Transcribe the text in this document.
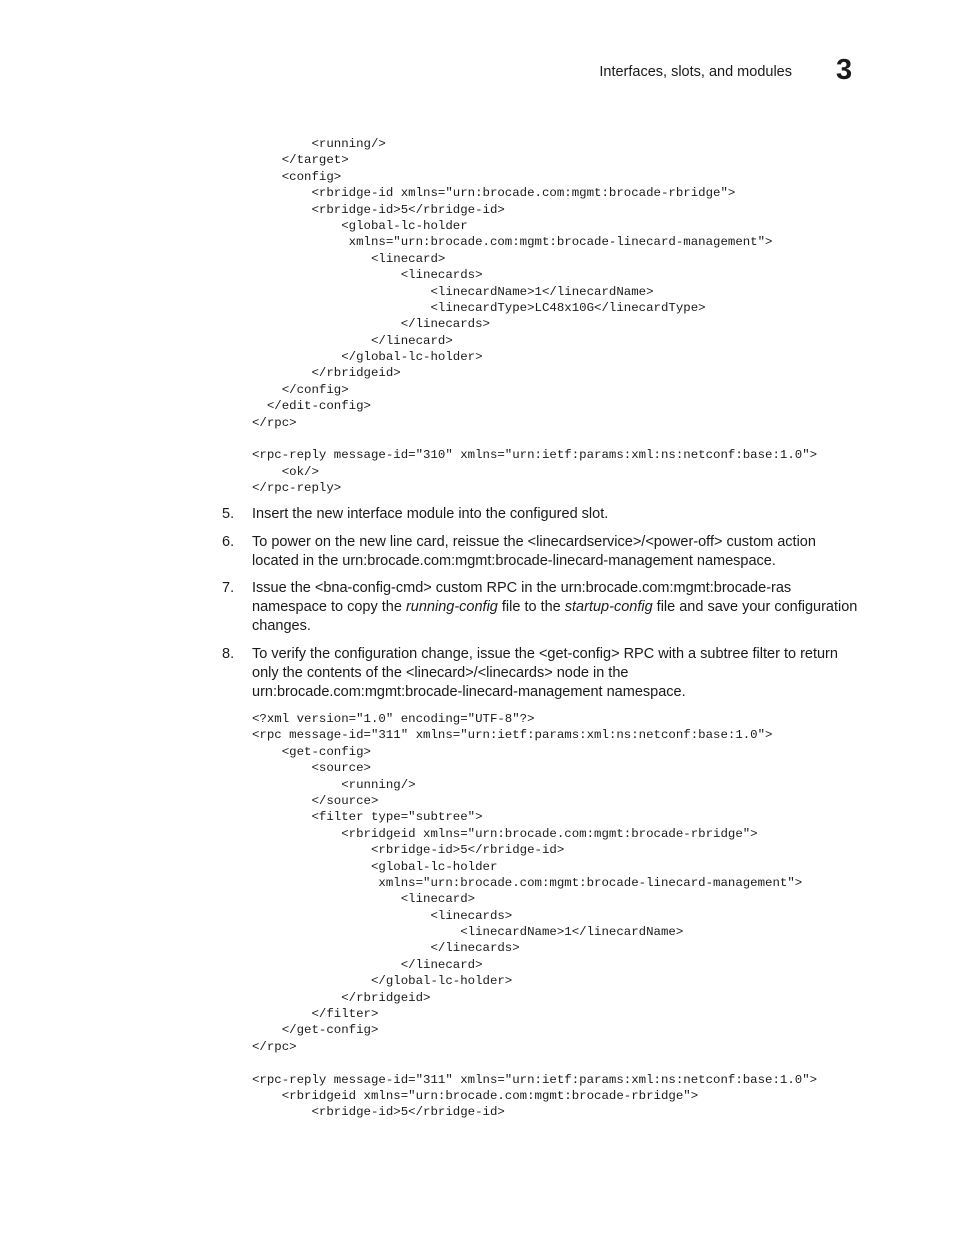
Interfaces, slots, and modules 3
<running/>
</target>
<config>
<rbridge-id xmlns="urn:brocade.com:mgmt:brocade-rbridge">
<rbridge-id>5</rbridge-id>
<global-lc-holder
xmlns="urn:brocade.com:mgmt:brocade-linecard-management">
<linecard>
<linecards>
<linecardName>1</linecardName>
<linecardType>LC48x10G</linecardType>
</linecards>
</linecard>
</global-lc-holder>
</rbridgeid>
</config>
</edit-config>
</rpc>
<rpc-reply message-id="310" xmlns="urn:ietf:params:xml:ns:netconf:base:1.0">
<ok/>
</rpc-reply>
5. Insert the new interface module into the configured slot.
6. To power on the new line card, reissue the <linecardservice>/<power-off> custom action
located in the urn:brocade.com:mgmt:brocade-linecard-management namespace.
7. Issue the <bna-config-cmd> custom RPC in the urn:brocade.com:mgmt:brocade-ras
namespace to copy the running-config file to the startup-config file and save your configuration
changes.
8. To verify the configuration change, issue the <get-config> RPC with a subtree filter to return
only the contents of the <linecard>/<linecards> node in the
urn:brocade.com:mgmt:brocade-linecard-management namespace.
<?xml version="1.0" encoding="UTF-8"?>
<rpc message-id="311" xmlns="urn:ietf:params:xml:ns:netconf:base:1.0">
<get-config>
<source>
<running/>
</source>
<filter type="subtree">
<rbridgeid xmlns="urn:brocade.com:mgmt:brocade-rbridge">
<rbridge-id>5</rbridge-id>
<global-lc-holder
xmlns="urn:brocade.com:mgmt:brocade-linecard-management">
<linecard>
<linecards>
<linecardName>1</linecardName>
</linecards>
</linecard>
</global-lc-holder>
</rbridgeid>
</filter>
</get-config>
</rpc>
<rpc-reply message-id="311" xmlns="urn:ietf:params:xml:ns:netconf:base:1.0">
<rbridgeid xmlns="urn:brocade.com:mgmt:brocade-rbridge">
<rbridge-id>5</rbridge-id>
